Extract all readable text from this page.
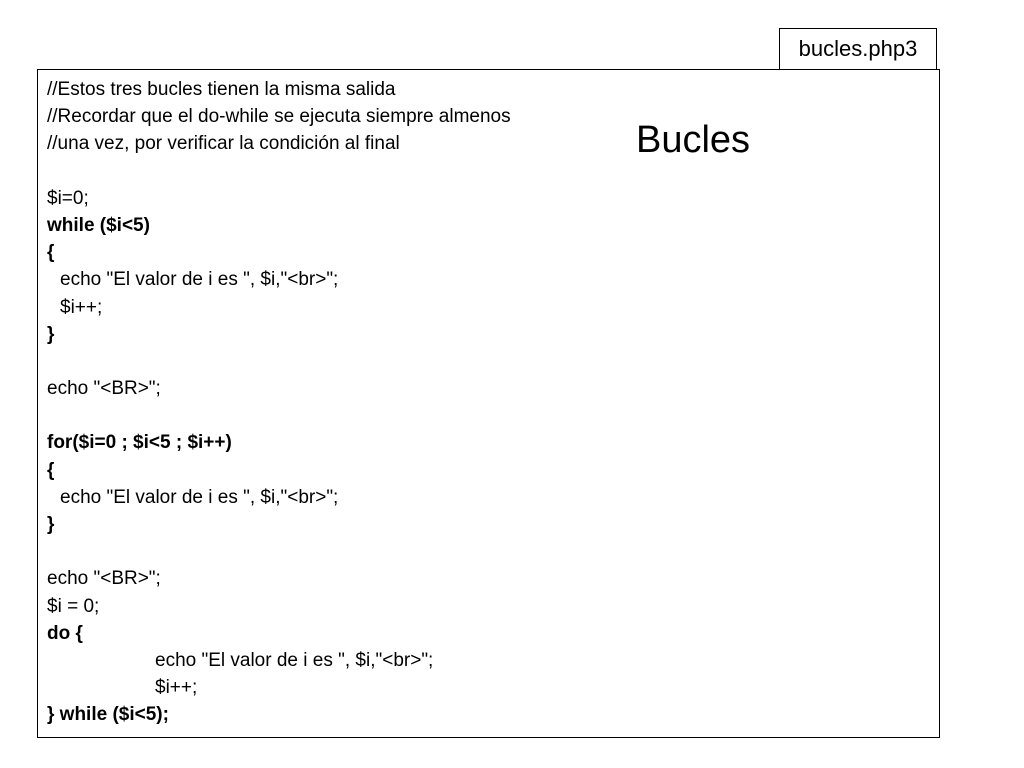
bucles.php3
Bucles
//Estos tres bucles tienen la misma salida
//Recordar que el do-while se ejecuta siempre almenos
//una vez, por verificar la condición al final
$i=0;
while ($i<5)
{
echo "El valor de i es ", $i,"<br>";
$i++;
}
echo "<BR>";
for($i=0 ; $i<5 ; $i++)
{
echo "El valor de i es ", $i,"<br>";
}
echo "<BR>";
$i = 0;
do {
echo "El valor de i es ", $i,"<br>";
$i++;
} while ($i<5);
